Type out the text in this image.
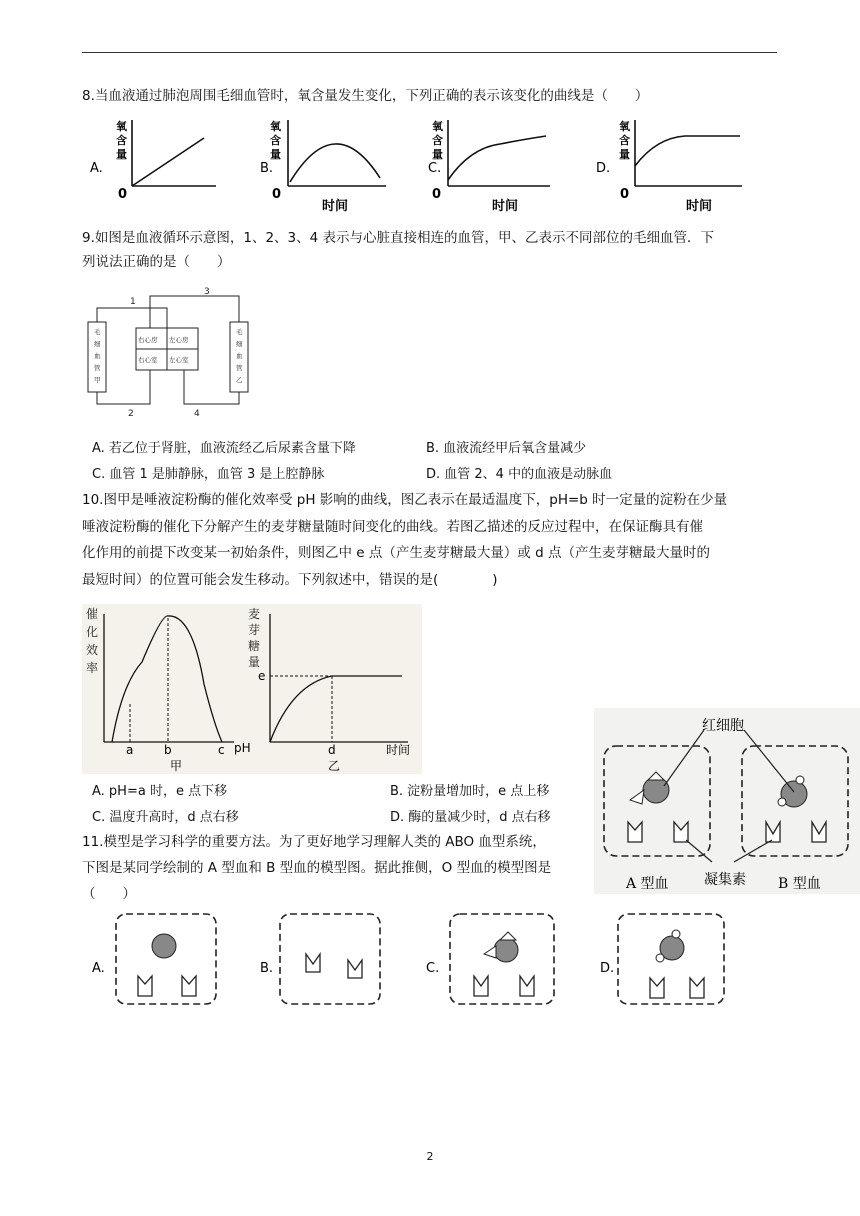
8.当血液通过肺泡周围毛细血管时，氧含量发生变化，下列正确的表示该变化的曲线是（　　）
A.
0
B.
0
时间
C.
0
时间
D.
0
时间
氧
含
量
氧
含
量
氧
含
量
氧
含
量
9.如图是血液循环示意图，1、2、3、4 表示与心脏直接相连的血管，甲、乙表示不同部位的毛细血管．下
列说法正确的是（　　）
1
3
2	4
右心房 左心房
右心室 左心室
毛
细
血
管
甲
毛
细
血
管
乙
A. 若乙位于肾脏，血液流经乙后尿素含量下降	B. 血液流经甲后氧含量减少
C. 血管 1 是肺静脉，血管 3 是上腔静脉	D. 血管 2、4 中的血液是动脉血
10.图甲是唾液淀粉酶的催化效率受 pH 影响的曲线，图乙表示在最适温度下，pH=b 时一定量的淀粉在少量
唾液淀粉酶的催化下分解产生的麦芽糖量随时间变化的曲线。若图乙描述的反应过程中，在保证酶具有催
化作用的前提下改变某一初始条件，则图乙中 e 点（产生麦芽糖最大量）或 d 点（产生麦芽糖最大量时的
最短时间）的位置可能会发生移动。下列叙述中，错误的是(　　　　)
催
化
效
率
a	b	c pH
甲
麦
芽
糖
量
e
d	时间
乙
红细胞
凝集素
A 型血	B 型血
A. pH=a 时，e 点下移	B. 淀粉量增加时，e 点上移
C. 温度升高时，d 点右移	D. 酶的量减少时，d 点右移
11.模型是学习科学的重要方法。为了更好地学习理解人类的 ABO 血型系统，
下图是某同学绘制的 A 型血和 B 型血的模型图。据此推侧，O 型血的模型图是
（　　）
A.	B.	C.	D.
2
